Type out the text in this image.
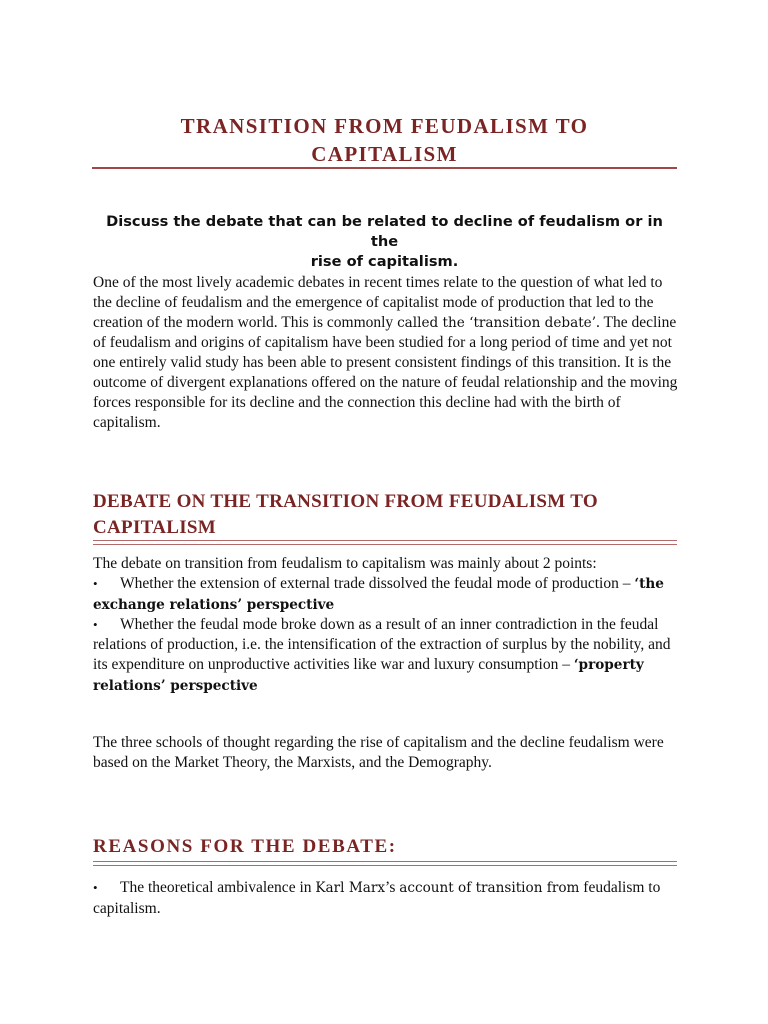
TRANSITION FROM FEUDALISM TO
CAPITALISM

Discuss the debate that can be related to decline of feudalism or in the
rise of capitalism.

One of the most lively academic debates in recent times relate to the question of what led to the decline of feudalism and the emergence of capitalist mode of production that led to the creation of the modern world. This is commonly called the ‘transition debate’. The decline of feudalism and origins of capitalism have been studied for a long period of time and yet not one entirely valid study has been able to present consistent findings of this transition. It is the outcome of divergent explanations offered on the nature of feudal relationship and the moving forces responsible for its decline and the connection this decline had with the birth of capitalism.

DEBATE ON THE TRANSITION FROM FEUDALISM TO
CAPITALISM

The debate on transition from feudalism to capitalism was mainly about 2 points:
• Whether the extension of external trade dissolved the feudal mode of production – ‘the exchange relations’ perspective
• Whether the feudal mode broke down as a result of an inner contradiction in the feudal relations of production, i.e. the intensification of the extraction of surplus by the nobility, and its expenditure on unproductive activities like war and luxury consumption – ‘property relations’ perspective

The three schools of thought regarding the rise of capitalism and the decline feudalism were based on the Market Theory, the Marxists, and the Demography.

REASONS FOR THE DEBATE:

• The theoretical ambivalence in Karl Marx’s account of transition from feudalism to capitalism.
